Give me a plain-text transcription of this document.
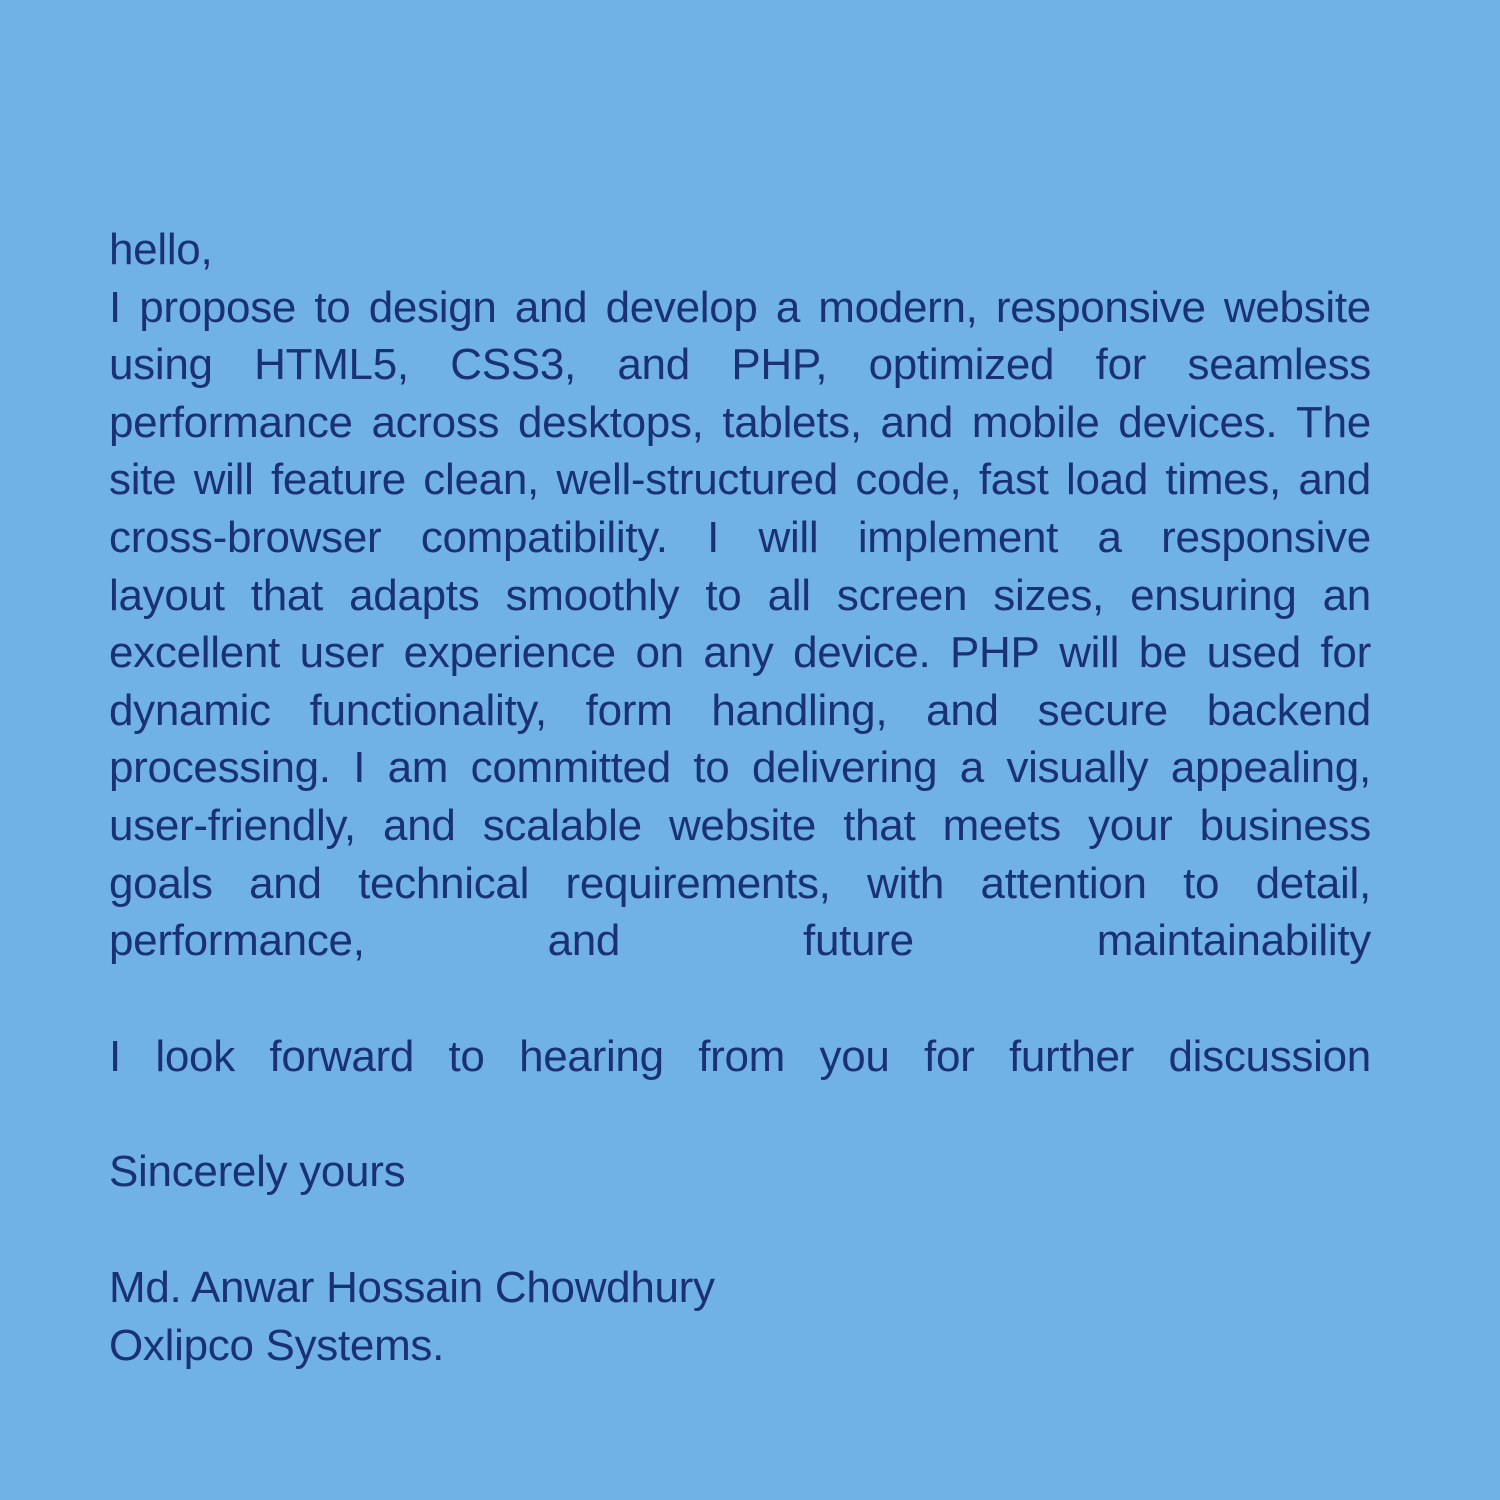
hello,
I propose to design and develop a modern, responsive website
using HTML5, CSS3, and PHP, optimized for seamless
performance across desktops, tablets, and mobile devices. The
site will feature clean, well-structured code, fast load times, and
cross-browser compatibility. I will implement a responsive
layout that adapts smoothly to all screen sizes, ensuring an
excellent user experience on any device. PHP will be used for
dynamic functionality, form handling, and secure backend
processing. I am committed to delivering a visually appealing,
user-friendly, and scalable website that meets your business
goals and technical requirements, with attention to detail,
performance,	and	future	maintainability
I look forward to hearing from you for further discussion
Sincerely yours
Md. Anwar Hossain Chowdhury
Oxlipco Systems.
